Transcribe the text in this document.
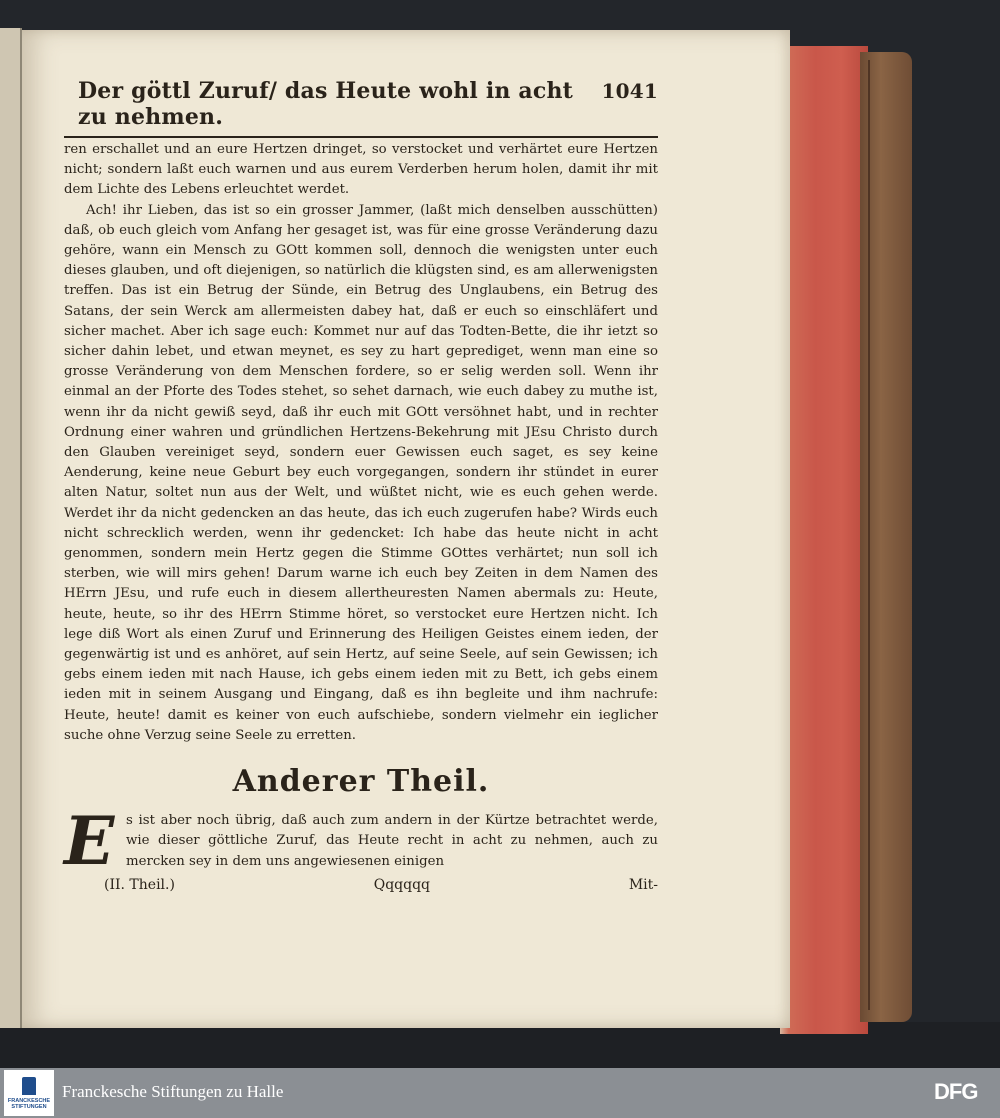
Der göttl Zuruf/ das Heute wohl in acht zu nehmen.
1041

ren erschallet und an eure Hertzen dringet, so verstocket und verhärtet eure Hertzen nicht; sondern laßt euch warnen und aus eurem Verderben herum holen, damit ihr mit dem Lichte des Lebens erleuchtet werdet.

Ach! ihr Lieben, das ist so ein grosser Jammer, (laßt mich denselben ausschütten) daß, ob euch gleich vom Anfang her gesaget ist, was für eine grosse Veränderung dazu gehöre, wann ein Mensch zu GOtt kommen soll, dennoch die wenigsten unter euch dieses glauben, und oft diejenigen, so natürlich die klügsten sind, es am allerwenigsten treffen. Das ist ein Betrug der Sünde, ein Betrug des Unglaubens, ein Betrug des Satans, der sein Werck am allermeisten dabey hat, daß er euch so einschläfert und sicher machet. Aber ich sage euch: Kommet nur auf das Todten-Bette, die ihr ietzt so sicher dahin lebet, und etwan meynet, es sey zu hart geprediget, wenn man eine so grosse Veränderung von dem Menschen fordere, so er selig werden soll. Wenn ihr einmal an der Pforte des Todes stehet, so sehet darnach, wie euch dabey zu muthe ist, wenn ihr da nicht gewiß seyd, daß ihr euch mit GOtt versöhnet habt, und in rechter Ordnung einer wahren und gründlichen Hertzens-Bekehrung mit JEsu Christo durch den Glauben vereiniget seyd, sondern euer Gewissen euch saget, es sey keine Aenderung, keine neue Geburt bey euch vorgegangen, sondern ihr stündet in eurer alten Natur, soltet nun aus der Welt, und wüßtet nicht, wie es euch gehen werde. Werdet ihr da nicht gedencken an das heute, das ich euch zugerufen habe? Wirds euch nicht schrecklich werden, wenn ihr gedencket: Ich habe das heute nicht in acht genommen, sondern mein Hertz gegen die Stimme GOttes verhärtet; nun soll ich sterben, wie will mirs gehen! Darum warne ich euch bey Zeiten in dem Namen des HErrn JEsu, und rufe euch in diesem allertheuresten Namen abermals zu: Heute, heute, heute, so ihr des HErrn Stimme höret, so verstocket eure Hertzen nicht. Ich lege diß Wort als einen Zuruf und Erinnerung des Heiligen Geistes einem ieden, der gegenwärtig ist und es anhöret, auf sein Hertz, auf seine Seele, auf sein Gewissen; ich gebs einem ieden mit nach Hause, ich gebs einem ieden mit zu Bett, ich gebs einem ieden mit in seinem Ausgang und Eingang, daß es ihn begleite und ihm nachrufe: Heute, heute! damit es keiner von euch aufschiebe, sondern vielmehr ein ieglicher suche ohne Verzug seine Seele zu erretten.

Anderer Theil.
E s ist aber noch übrig, daß auch zum andern in der Kürtze betrachtet werde, wie dieser göttliche Zuruf, das Heute recht in acht zu nehmen, auch zu mercken sey in dem uns angewiesenen einigen
(II. Theil.)	Qqqqqq	Mit-
FRANCKESCHE STIFTUNGEN
Franckesche Stiftungen zu Halle	DFG
